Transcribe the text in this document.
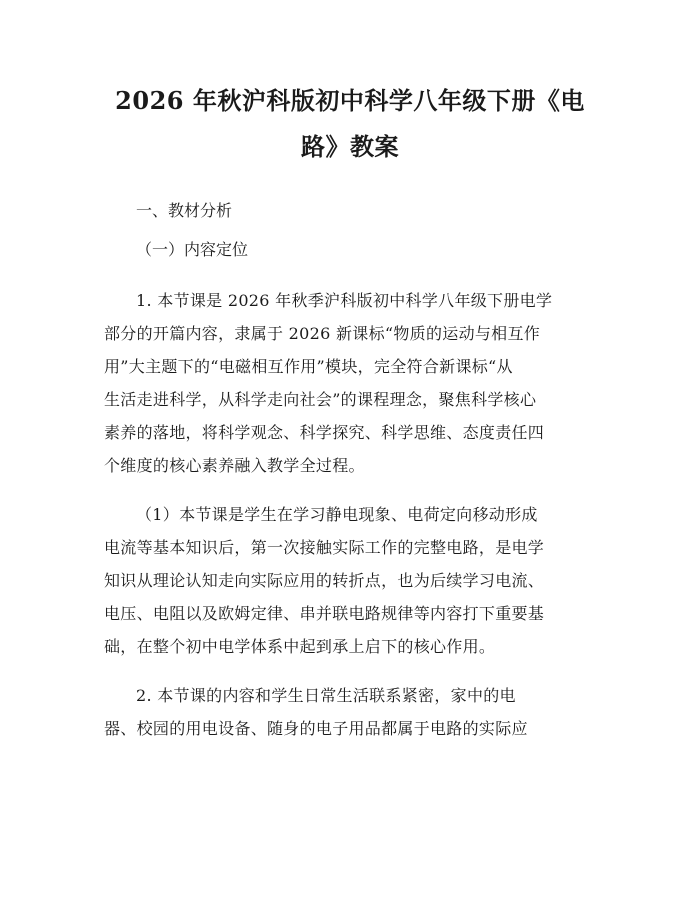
2026 年秋沪科版初中科学八年级下册《电
路》教案

一、教材分析

（一）内容定位

1. 本节课是 2026 年秋季沪科版初中科学八年级下册电学
部分的开篇内容，隶属于 2026 新课标“物质的运动与相互作
用”大主题下的“电磁相互作用”模块，完全符合新课标“从
生活走进科学，从科学走向社会”的课程理念，聚焦科学核心
素养的落地，将科学观念、科学探究、科学思维、态度责任四
个维度的核心素养融入教学全过程。

（1）本节课是学生在学习静电现象、电荷定向移动形成
电流等基本知识后，第一次接触实际工作的完整电路，是电学
知识从理论认知走向实际应用的转折点，也为后续学习电流、
电压、电阻以及欧姆定律、串并联电路规律等内容打下重要基
础，在整个初中电学体系中起到承上启下的核心作用。

2. 本节课的内容和学生日常生活联系紧密，家中的电
器、校园的用电设备、随身的电子用品都属于电路的实际应
